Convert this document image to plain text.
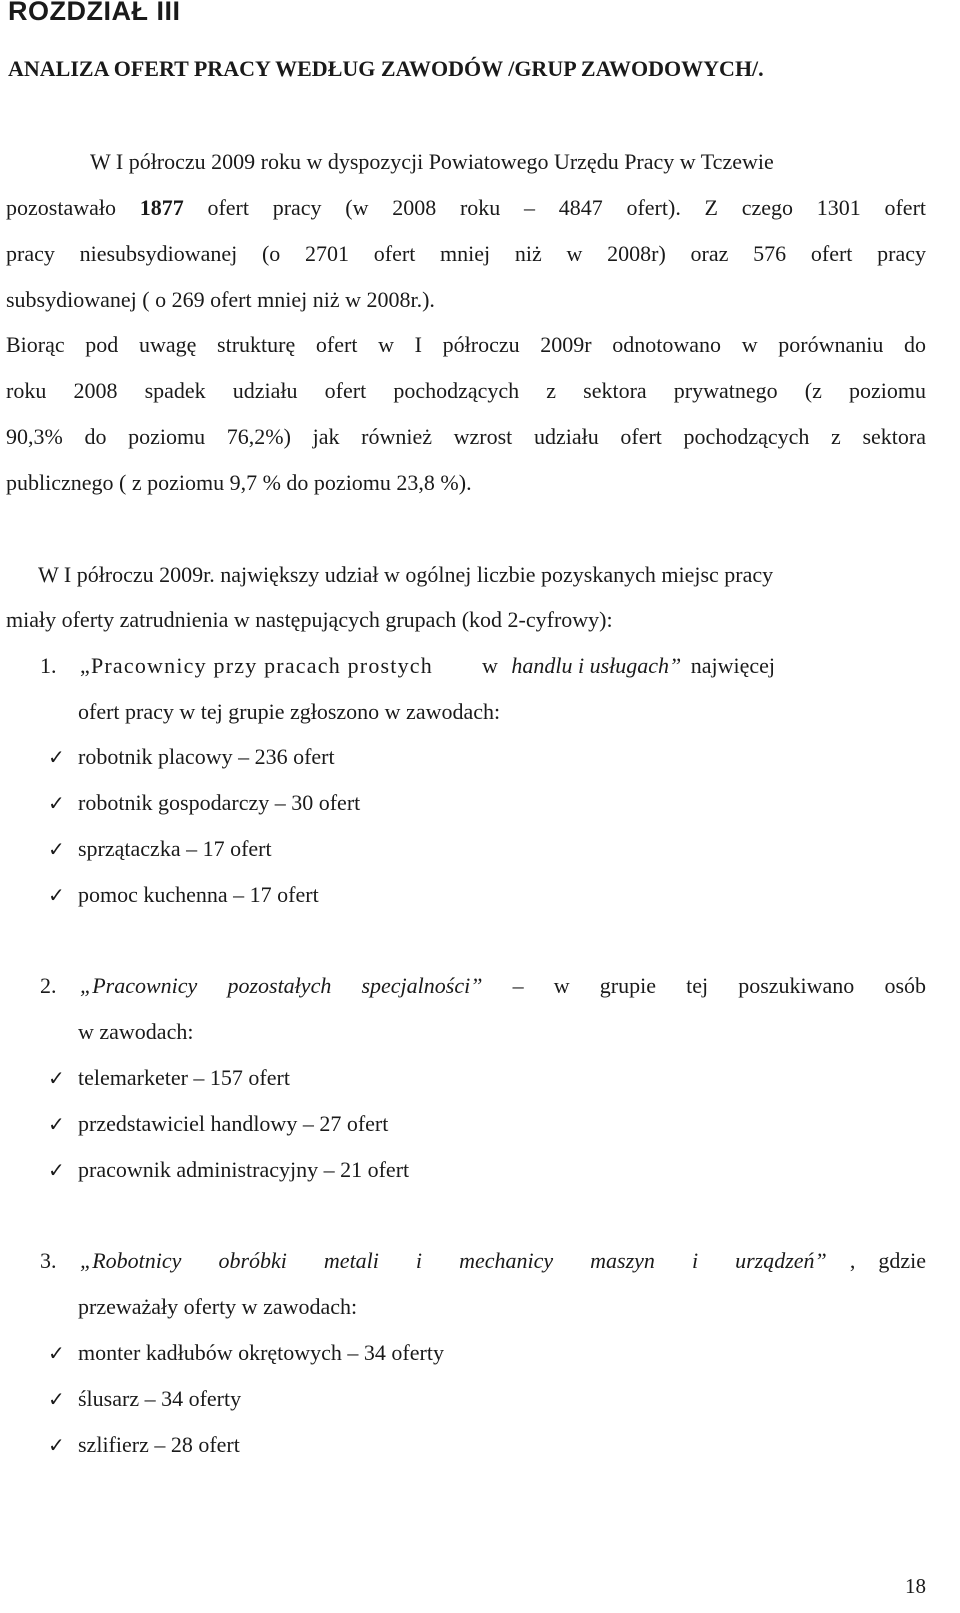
ROZDZIAŁ III
ANALIZA OFERT PRACY WEDŁUG ZAWODÓW /GRUP ZAWODOWYCH/.
W I półroczu 2009 roku w dyspozycji Powiatowego Urzędu Pracy w Tczewie
pozostawało 1877 ofert pracy (w 2008 roku – 4847 ofert). Z czego 1301 ofert
pracy niesubsydiowanej (o 2701 ofert mniej niż w 2008r) oraz 576 ofert pracy
subsydiowanej ( o 269 ofert mniej niż w 2008r.).
Biorąc pod uwagę strukturę ofert w I półroczu 2009r odnotowano w porównaniu do
roku 2008 spadek udziału ofert pochodzących z sektora prywatnego (z poziomu
90,3% do poziomu 76,2%) jak również wzrost udziału ofert pochodzących z sektora
publicznego ( z poziomu 9,7 % do poziomu 23,8 %).
W I półroczu 2009r. największy udział w ogólnej liczbie pozyskanych miejsc pracy
miały oferty zatrudnienia w następujących grupach (kod 2-cyfrowy):
1. „Pracownicy przy pracach prostych w handlu i usługach” najwięcej
ofert pracy w tej grupie zgłoszono w zawodach:
✓ robotnik placowy – 236 ofert
✓ robotnik gospodarczy – 30 ofert
✓ sprzątaczka – 17 ofert
✓ pomoc kuchenna – 17 ofert
2. „Pracownicy pozostałych specjalności” – w grupie tej poszukiwano osób
w zawodach:
✓ telemarketer – 157 ofert
✓ przedstawiciel handlowy – 27 ofert
✓ pracownik administracyjny – 21 ofert
3. „Robotnicy obróbki metali i mechanicy maszyn i urządzeń” , gdzie
przeważały oferty w zawodach:
✓ monter kadłubów okrętowych – 34 oferty
✓ ślusarz – 34 oferty
✓ szlifierz – 28 ofert
18
